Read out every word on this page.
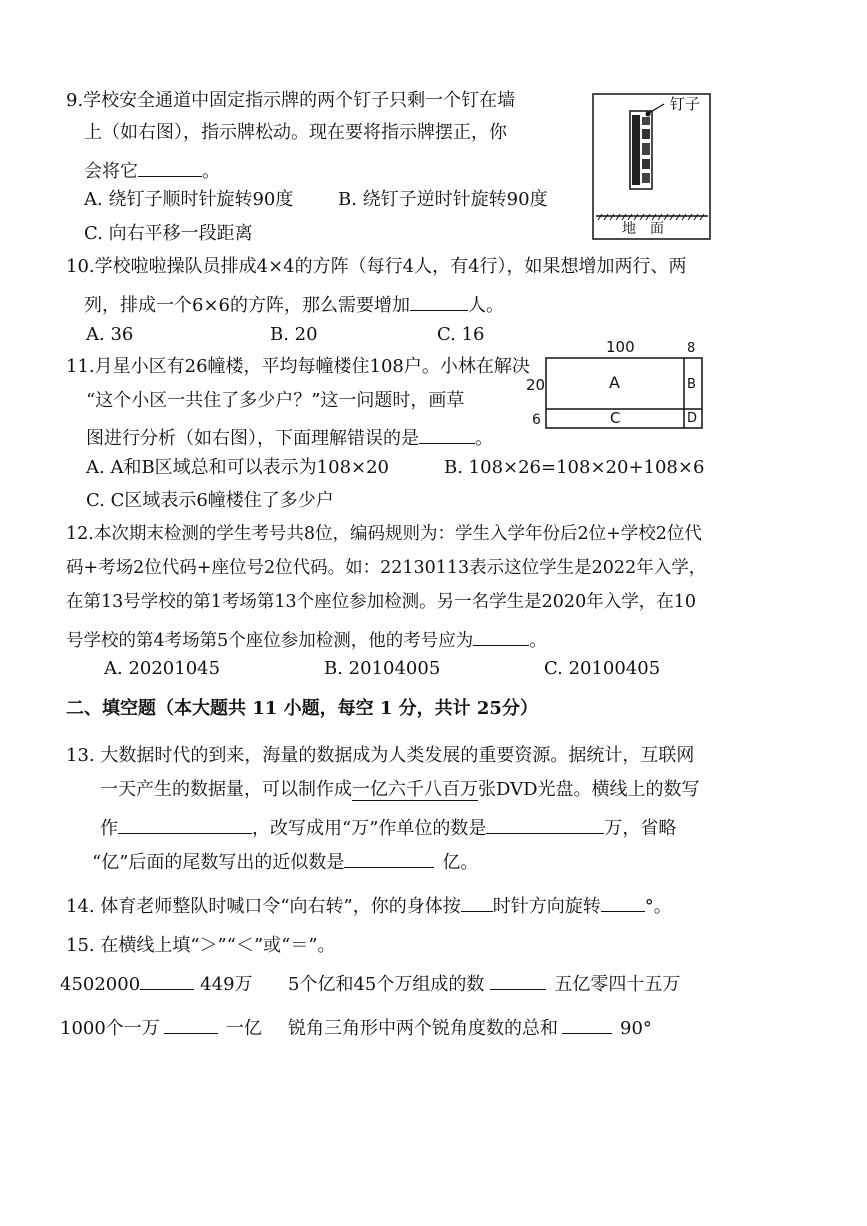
9.学校安全通道中固定指示牌的两个钉子只剩一个钉在墙
上（如右图），指示牌松动。现在要将指示牌摆正，你
会将它	。
A. 绕钉子顺时针旋转90度 B. 绕钉子逆时针旋转90度
C. 向右平移一段距离
钉子
地　面
10.学校啦啦操队员排成4×4的方阵（每行4人，有4行），如果想增加两行、两
列，排成一个6×6的方阵，那么需要增加	人。
A. 36	B. 20	C. 16
11.月星小区有26幢楼，平均每幢楼住108户。小林在解决
“这个小区一共住了多少户？”这一问题时，画草
图进行分析（如右图），下面理解错误的是	。
A. A和B区域总和可以表示为108×20	B. 108×26=108×20+108×6
C. C区域表示6幢楼住了多少户
100	8
20
6
A	B
C	D
12.本次期末检测的学生考号共8位，编码规则为：学生入学年份后2位+学校2位代
码+考场2位代码+座位号2位代码。如：22130113表示这位学生是2022年入学，
在第13号学校的第1考场第13个座位参加检测。另一名学生是2020年入学，在10
号学校的第4考场第5个座位参加检测，他的考号应为	。
A. 20201045	B. 20104005	C. 20100405
二、填空题（本大题共 11 小题，每空 1 分，共计 25分）
13. 大数据时代的到来，海量的数据成为人类发展的重要资源。据统计，互联网
一天产生的数据量，可以制作成一亿六千八百万张DVD光盘。横线上的数写
作	，改写成用“万”作单位的数是	万，省略
“亿”后面的尾数写出的近似数是	亿。
14. 体育老师整队时喊口令“向右转”，你的身体按 时针方向旋转 °。
15. 在横线上填“＞”“＜”或“＝”。
4502000	449万 5个亿和45个万组成的数	五亿零四十五万
1000个一万	一亿 锐角三角形中两个锐角度数的总和	90°
